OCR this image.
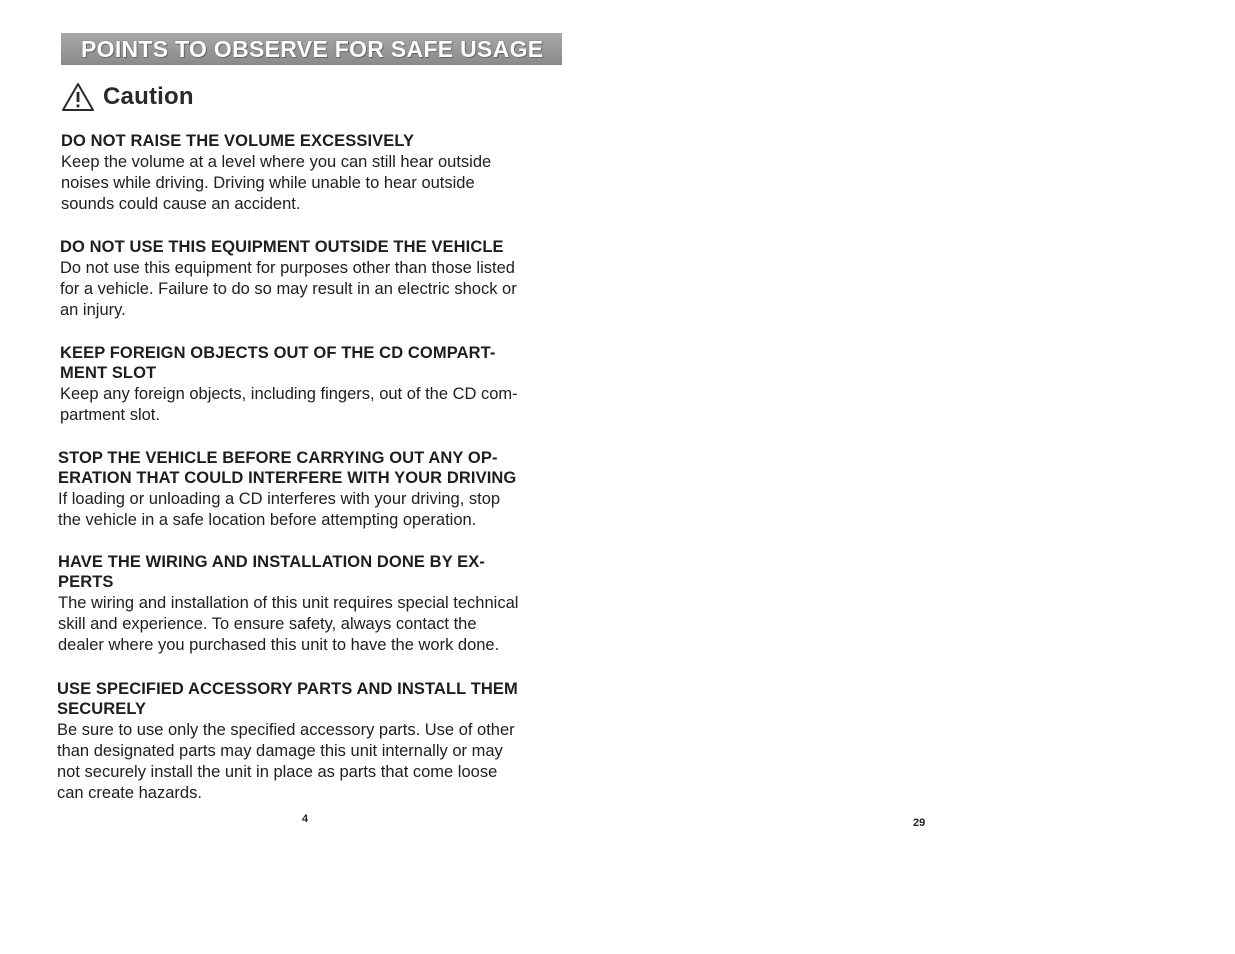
POINTS TO OBSERVE FOR SAFE USAGE
Caution
DO NOT RAISE THE VOLUME EXCESSIVELY
Keep the volume at a level where you can still hear outside
noises while driving. Driving while unable to hear outside
sounds could cause an accident.
DO NOT USE THIS EQUIPMENT OUTSIDE THE VEHICLE
Do not use this equipment for purposes other than those listed
for a vehicle. Failure to do so may result in an electric shock or
an injury.
KEEP FOREIGN OBJECTS OUT OF THE CD COMPART-
MENT SLOT
Keep any foreign objects, including fingers, out of the CD com-
partment slot.
STOP THE VEHICLE BEFORE CARRYING OUT ANY OP-
ERATION THAT COULD INTERFERE WITH YOUR DRIVING
If loading or unloading a CD interferes with your driving, stop
the vehicle in a safe location before attempting operation.
HAVE THE WIRING AND INSTALLATION DONE BY EX-
PERTS
The wiring and installation of this unit requires special technical
skill and experience. To ensure safety, always contact the
dealer where you purchased this unit to have the work done.
USE SPECIFIED ACCESSORY PARTS AND INSTALL THEM
SECURELY
Be sure to use only the specified accessory parts. Use of other
than designated parts may damage this unit internally or may
not securely install the unit in place as parts that come loose
can create hazards.
4	29
